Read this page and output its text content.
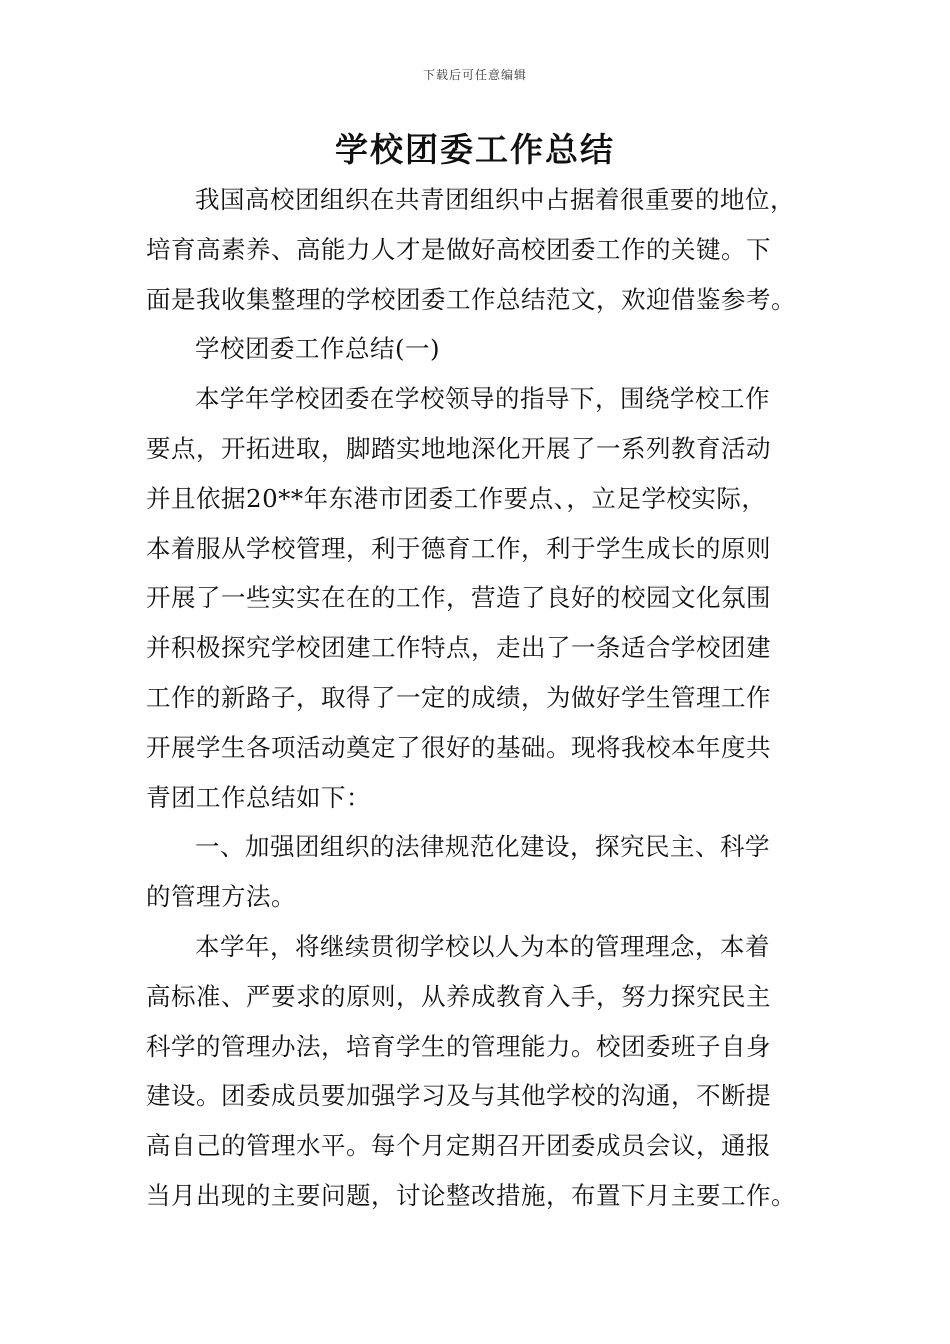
下载后可任意编辑
学校团委工作总结

我国高校团组织在共青团组织中占据着很重要的地位，
培育高素养、高能力人才是做好高校团委工作的关键。下
面是我收集整理的学校团委工作总结范文，欢迎借鉴参考。

学校团委工作总结(一)

本学年学校团委在学校领导的指导下，围绕学校工作
要点，开拓进取，脚踏实地地深化开展了一系列教育活动
并且依据20**年东港市团委工作要点、，立足学校实际，
本着服从学校管理，利于德育工作，利于学生成长的原则
开展了一些实实在在的工作，营造了良好的校园文化氛围
并积极探究学校团建工作特点，走出了一条适合学校团建
工作的新路子，取得了一定的成绩，为做好学生管理工作
开展学生各项活动奠定了很好的基础。现将我校本年度共
青团工作总结如下：

一、加强团组织的法律规范化建设，探究民主、科学
的管理方法。

本学年，将继续贯彻学校以人为本的管理理念，本着
高标准、严要求的原则，从养成教育入手，努力探究民主
科学的管理办法，培育学生的管理能力。校团委班子自身
建设。团委成员要加强学习及与其他学校的沟通，不断提
高自己的管理水平。每个月定期召开团委成员会议，通报
当月出现的主要问题，讨论整改措施，布置下月主要工作。
